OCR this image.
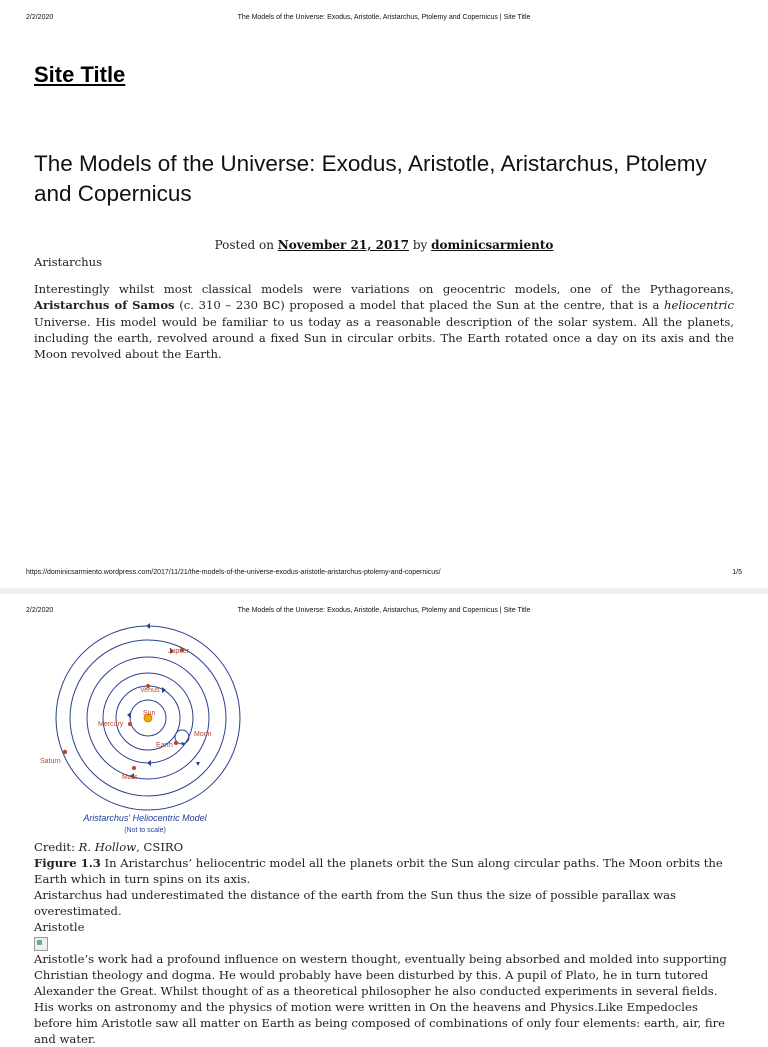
2/2/2020	The Models of the Universe: Exodus, Aristotle, Aristarchus, Ptolemy and Copernicus | Site Title
Site Title
The Models of the Universe: Exodus, Aristotle, Aristarchus, Ptolemy and Copernicus
Posted on November 21, 2017 by dominicsarmiento

Aristarchus

Interestingly whilst most classical models were variations on geocentric models, one of the Pythagoreans, Aristarchus of Samos (c. 310 – 230 BC) proposed a model that placed the Sun at the centre, that is a heliocentric Universe. His model would be familiar to us today as a reasonable description of the solar system. All the planets, including the earth, revolved around a fixed Sun in circular orbits. The Earth rotated once a day on its axis and the Moon revolved about the Earth.

https://dominicsarmiento.wordpress.com/2017/11/21/the-models-of-the-universe-exodus-aristotle-aristarchus-ptolemy-and-copernicus/	1/5
2/2/2020	The Models of the Universe: Exodus, Aristotle, Aristarchus, Ptolemy and Copernicus | Site Title
Sun
Mercury
Venus
Earth
Moon
Mars
Jupiter
Saturn
Aristarchus' Heliocentric Model
(Not to scale)

Credit: R. Hollow, CSIRO

Figure 1.3 In Aristarchus’ heliocentric model all the planets orbit the Sun along circular paths. The Moon orbits the Earth which in turn spins on its axis.

Aristarchus had underestimated the distance of the earth from the Sun thus the size of possible parallax was overestimated.

Aristotle

Aristotle’s work had a profound influence on western thought, eventually being absorbed and molded into supporting Christian theology and dogma. He would probably have been disturbed by this. A pupil of Plato, he in turn tutored Alexander the Great. Whilst thought of as a theoretical philosopher he also conducted experiments in several fields. His works on astronomy and the physics of motion were written in On the heavens and Physics.Like Empedocles before him Aristotle saw all matter on Earth as being composed of combinations of only four elements: earth, air, fire and water.
